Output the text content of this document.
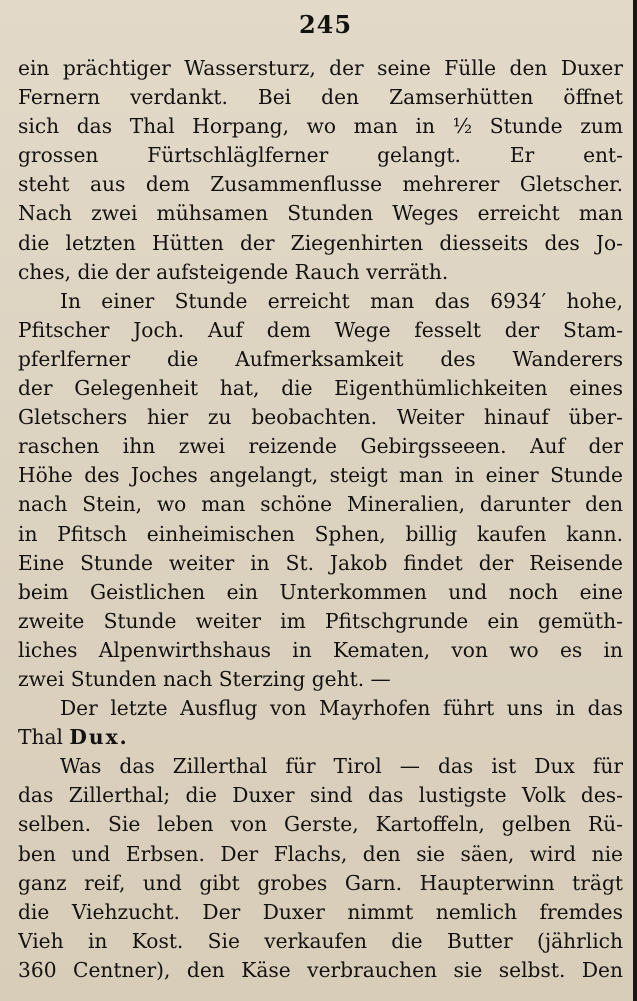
245
ein prächtiger Wassersturz, der seine Fülle den Duxer
Fernern verdankt. Bei den Zamserhütten öffnet
sich das Thal Horpang, wo man in ½ Stunde zum
grossen Fürtschläglferner gelangt. Er ent-
steht aus dem Zusammenflusse mehrerer Gletscher.
Nach zwei mühsamen Stunden Weges erreicht man
die letzten Hütten der Ziegenhirten diesseits des Jo-
ches, die der aufsteigende Rauch verräth.
In einer Stunde erreicht man das 6934′ hohe,
Pfitscher Joch. Auf dem Wege fesselt der Stam-
pferlferner die Aufmerksamkeit des Wanderers
der Gelegenheit hat, die Eigenthümlichkeiten eines
Gletschers hier zu beobachten. Weiter hinauf über-
raschen ihn zwei reizende Gebirgsseeen. Auf der
Höhe des Joches angelangt, steigt man in einer Stunde
nach Stein, wo man schöne Mineralien, darunter den
in Pfitsch einheimischen Sphen, billig kaufen kann.
Eine Stunde weiter in St. Jakob findet der Reisende
beim Geistlichen ein Unterkommen und noch eine
zweite Stunde weiter im Pfitschgrunde ein gemüth-
liches Alpenwirthshaus in Kematen, von wo es in
zwei Stunden nach Sterzing geht. —
Der letzte Ausflug von Mayrhofen führt uns in das
Thal Dux.
Was das Zillerthal für Tirol — das ist Dux für
das Zillerthal; die Duxer sind das lustigste Volk des-
selben. Sie leben von Gerste, Kartoffeln, gelben Rü-
ben und Erbsen. Der Flachs, den sie säen, wird nie
ganz reif, und gibt grobes Garn. Haupterwinn trägt
die Viehzucht. Der Duxer nimmt nemlich fremdes
Vieh in Kost. Sie verkaufen die Butter (jährlich
360 Centner), den Käse verbrauchen sie selbst. Den
